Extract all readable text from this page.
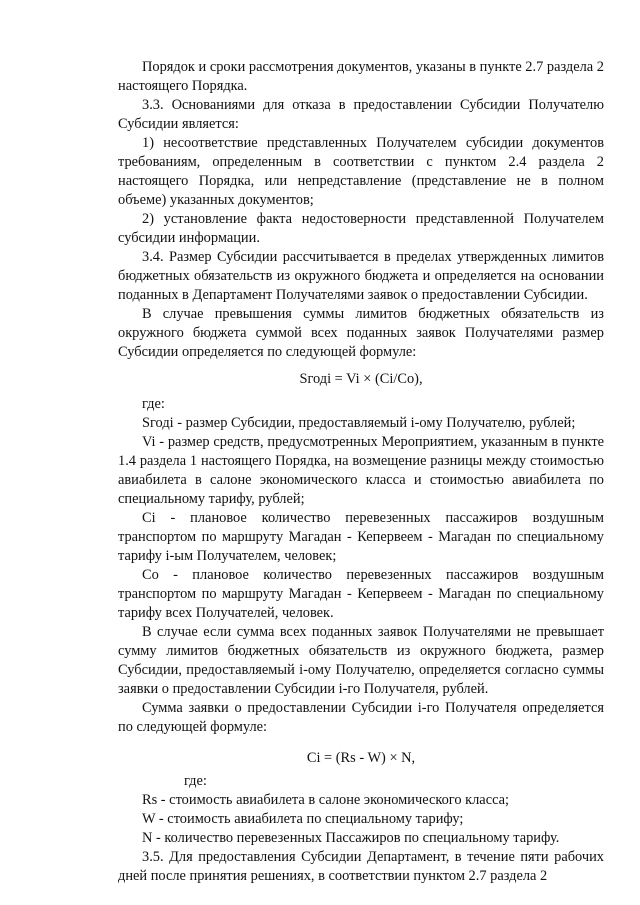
Порядок и сроки рассмотрения документов, указаны в пункте 2.7 раздела 2 настоящего Порядка.

3.3. Основаниями для отказа в предоставлении Субсидии Получателю Субсидии является:

1) несоответствие представленных Получателем субсидии документов требованиям, определенным в соответствии с пунктом 2.4 раздела 2 настоящего Порядка, или непредставление (представление не в полном объеме) указанных документов;

2) установление факта недостоверности представленной Получателем субсидии информации.

3.4. Размер Субсидии рассчитывается в пределах утвержденных лимитов бюджетных обязательств из окружного бюджета и определяется на основании поданных в Департамент Получателями заявок о предоставлении Субсидии.

В случае превышения суммы лимитов бюджетных обязательств из окружного бюджета суммой всех поданных заявок Получателями размер Субсидии определяется по следующей формуле:

Sгодi = Vi × (Ci/Co),

где:

Sгодi - размер Субсидии, предоставляемый i-ому Получателю, рублей;

Vi - размер средств, предусмотренных Мероприятием, указанным в пункте 1.4 раздела 1 настоящего Порядка, на возмещение разницы между стоимостью авиабилета в салоне экономического класса и стоимостью авиабилета по специальному тарифу, рублей;

Ci - плановое количество перевезенных пассажиров воздушным транспортом по маршруту Магадан - Кепервеем - Магадан по специальному тарифу i-ым Получателем, человек;

Co - плановое количество перевезенных пассажиров воздушным транспортом по маршруту Магадан - Кепервеем - Магадан по специальному тарифу всех Получателей, человек.

В случае если сумма всех поданных заявок Получателями не превышает сумму лимитов бюджетных обязательств из окружного бюджета, размер Субсидии, предоставляемый i-ому Получателю, определяется согласно суммы заявки о предоставлении Субсидии i-го Получателя, рублей.

Сумма заявки о предоставлении Субсидии i-го Получателя определяется по следующей формуле:

Ci = (Rs - W) × N,

где:

Rs - стоимость авиабилета в салоне экономического класса;

W - стоимость авиабилета по специальному тарифу;

N - количество перевезенных Пассажиров по специальному тарифу.

3.5. Для предоставления Субсидии Департамент, в течение пяти рабочих дней после принятия решениях, в соответствии пунктом 2.7 раздела 2
